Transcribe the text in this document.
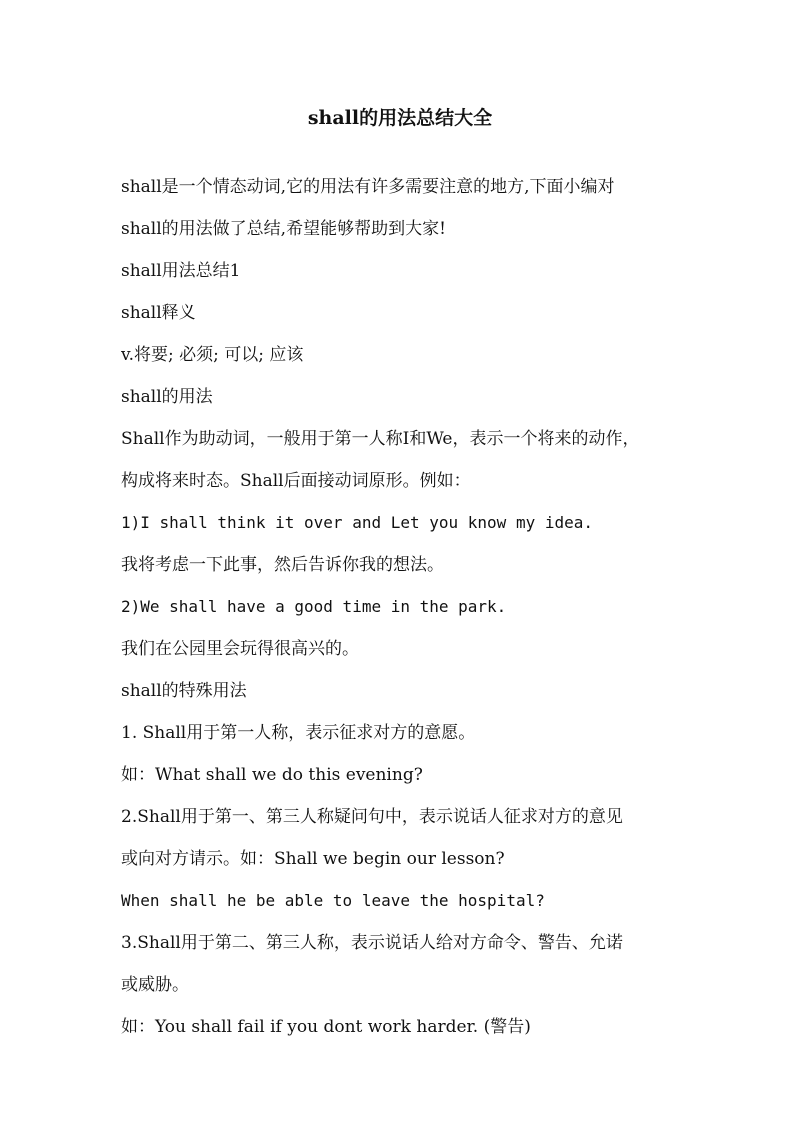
shall的用法总结大全
shall是一个情态动词,它的用法有许多需要注意的地方,下面小编对
shall的用法做了总结,希望能够帮助到大家!
shall用法总结1
shall释义
v.将要; 必须; 可以; 应该
shall的用法
Shall作为助动词，一般用于第一人称I和We，表示一个将来的动作，
构成将来时态。Shall后面接动词原形。例如：
1)I shall think it over and Let you know my idea.
我将考虑一下此事，然后告诉你我的想法。
2)We shall have a good time in the park.
我们在公园里会玩得很高兴的。
shall的特殊用法
1. Shall用于第一人称，表示征求对方的意愿。
如：What shall we do this evening?
2.Shall用于第一、第三人称疑问句中，表示说话人征求对方的意见
或向对方请示。如：Shall we begin our lesson?
When shall he be able to leave the hospital?
3.Shall用于第二、第三人称，表示说话人给对方命令、警告、允诺
或威胁。
如：You shall fail if you dont work harder. (警告)
